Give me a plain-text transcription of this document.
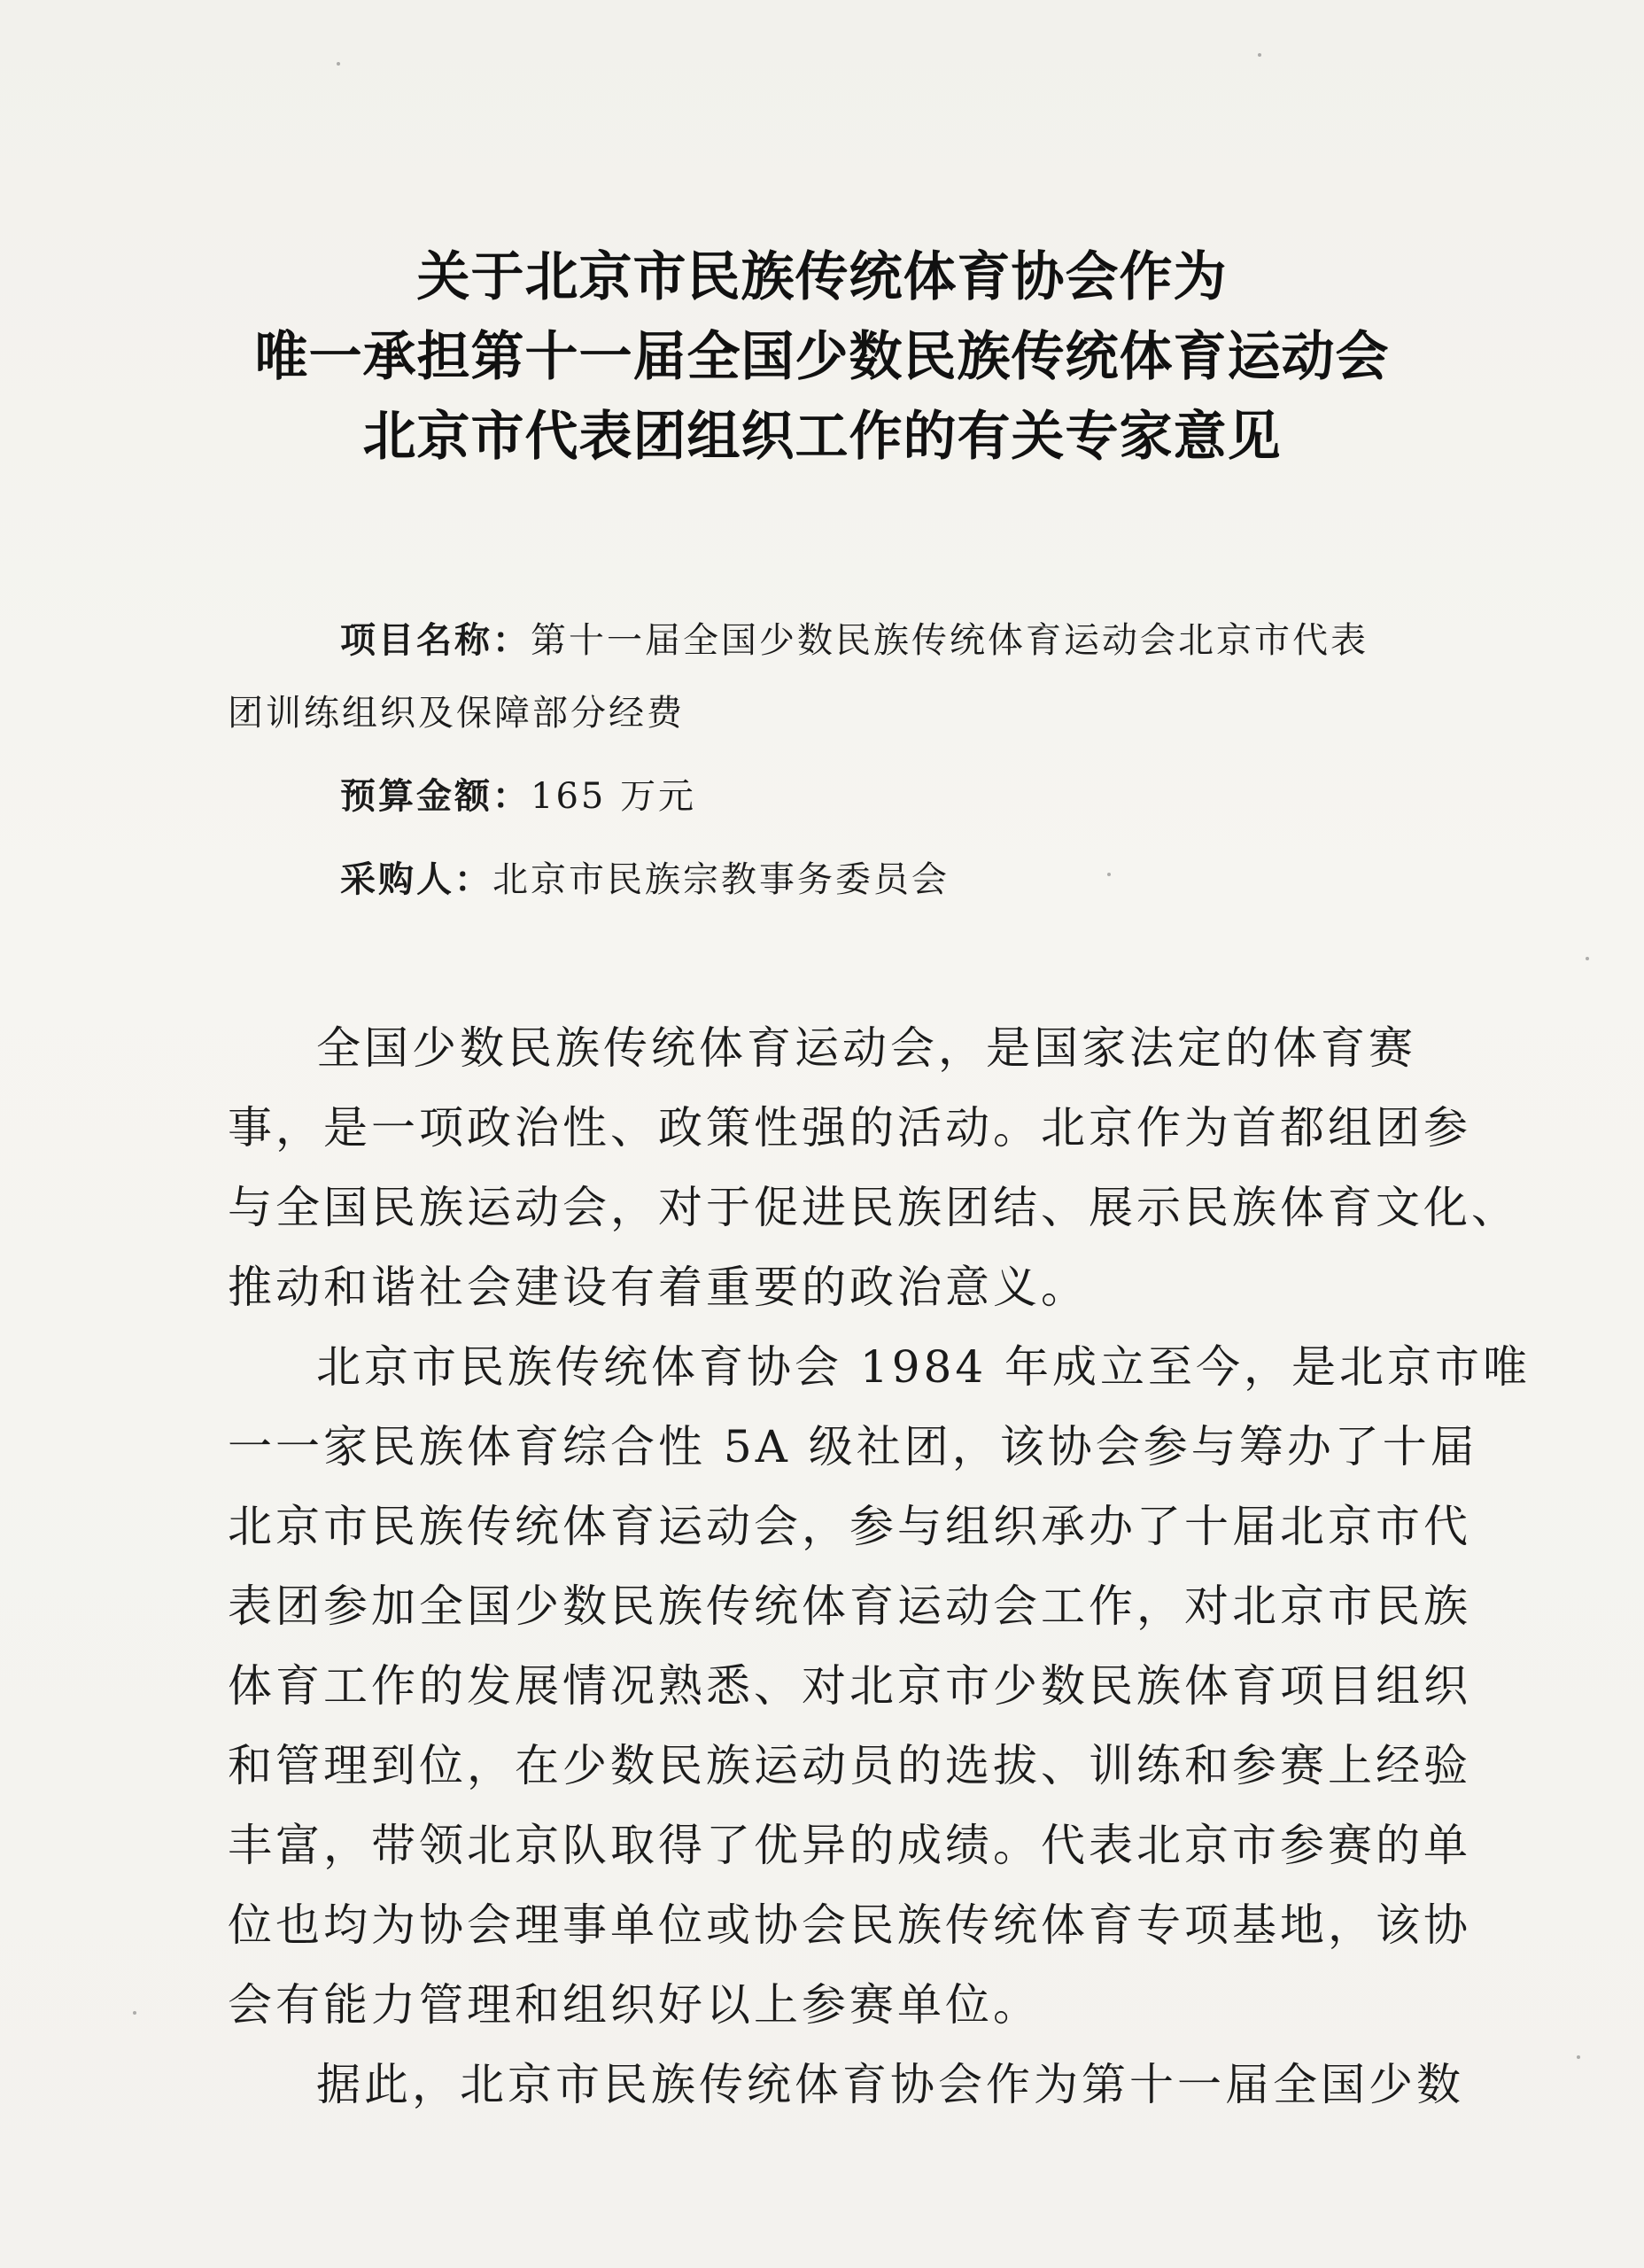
关于北京市民族传统体育协会作为
唯一承担第十一届全国少数民族传统体育运动会
北京市代表团组织工作的有关专家意见
项目名称：第十一届全国少数民族传统体育运动会北京市代表
团训练组织及保障部分经费
预算金额：165 万元
采购人：北京市民族宗教事务委员会
全国少数民族传统体育运动会，是国家法定的体育赛
事，是一项政治性、政策性强的活动。北京作为首都组团参
与全国民族运动会，对于促进民族团结、展示民族体育文化、
推动和谐社会建设有着重要的政治意义。
北京市民族传统体育协会 1984 年成立至今，是北京市唯
一一家民族体育综合性 5A 级社团，该协会参与筹办了十届
北京市民族传统体育运动会，参与组织承办了十届北京市代
表团参加全国少数民族传统体育运动会工作，对北京市民族
体育工作的发展情况熟悉、对北京市少数民族体育项目组织
和管理到位，在少数民族运动员的选拔、训练和参赛上经验
丰富，带领北京队取得了优异的成绩。代表北京市参赛的单
位也均为协会理事单位或协会民族传统体育专项基地，该协
会有能力管理和组织好以上参赛单位。
据此，北京市民族传统体育协会作为第十一届全国少数
